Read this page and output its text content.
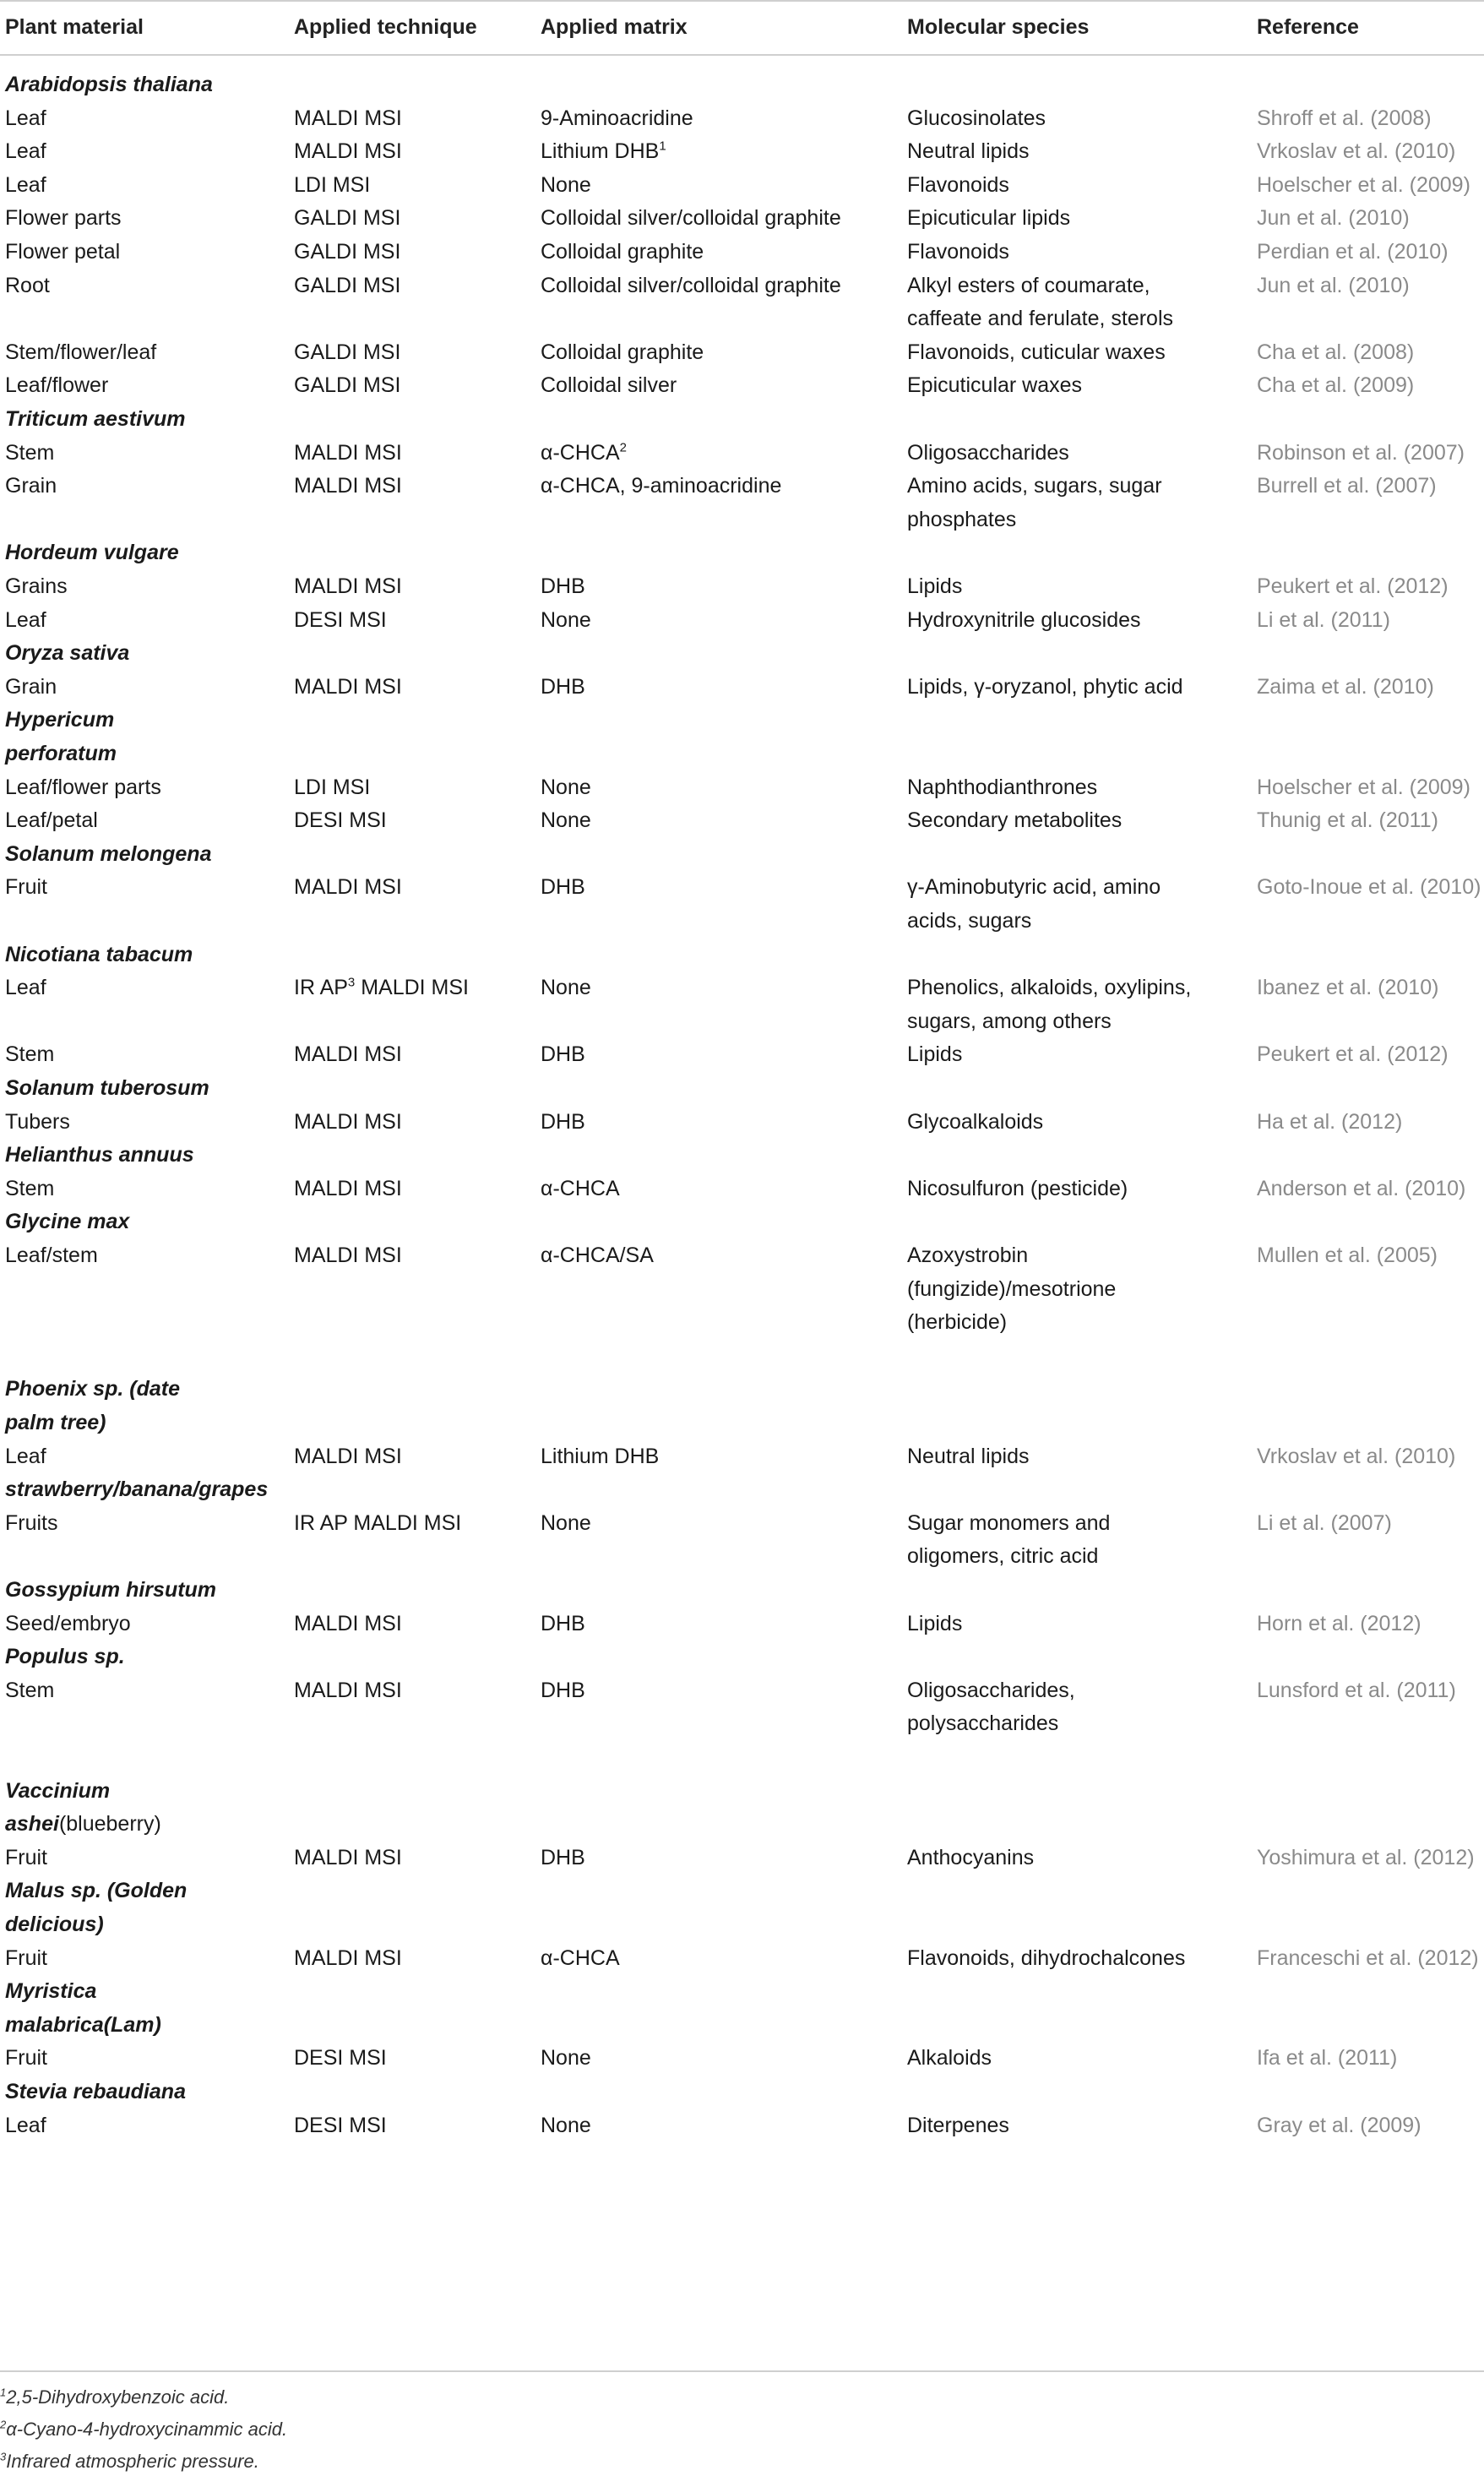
Plant material	Applied technique	Applied matrix	Molecular species	Reference
Arabidopsis thaliana
Leaf	MALDI MSI	9-Aminoacridine	Glucosinolates	Shroff et al. (2008)
Leaf	MALDI MSI	Lithium DHB$^1$	Neutral lipids	Vrkoslav et al. (2010)
Leaf	LDI MSI	None	Flavonoids	Hoelscher et al. (2009)
Flower parts	GALDI MSI	Colloidal silver/colloidal graphite	Epicuticular lipids	Jun et al. (2010)
Flower petal	GALDI MSI	Colloidal graphite	Flavonoids	Perdian et al. (2010)
Root	GALDI MSI	Colloidal silver/colloidal graphite	Alkyl esters of coumarate,	Jun et al. (2010)
caffeate and ferulate, sterols
Stem/flower/leaf	GALDI MSI	Colloidal graphite	Flavonoids, cuticular waxes	Cha et al. (2008)
Leaf/flower	GALDI MSI	Colloidal silver	Epicuticular waxes	Cha et al. (2009)
Triticum aestivum
Stem	MALDI MSI	α-CHCA$^2$	Oligosaccharides	Robinson et al. (2007)
Grain	MALDI MSI	α-CHCA, 9-aminoacridine	Amino acids, sugars, sugar	Burrell et al. (2007)
phosphates
Hordeum vulgare
Grains	MALDI MSI	DHB	Lipids	Peukert et al. (2012)
Leaf	DESI MSI	None	Hydroxynitrile glucosides	Li et al. (2011)
Oryza sativa
Grain	MALDI MSI	DHB	Lipids, γ-oryzanol, phytic acid	Zaima et al. (2010)
Hypericum
perforatum
Leaf/flower parts	LDI MSI	None	Naphthodianthrones	Hoelscher et al. (2009)
Leaf/petal	DESI MSI	None	Secondary metabolites	Thunig et al. (2011)
Solanum melongena
Fruit	MALDI MSI	DHB	γ-Aminobutyric acid, amino	Goto-Inoue et al. (2010)
acids, sugars
Nicotiana tabacum
Leaf	IR $AP^3$ MALDI MSI	None	Phenolics, alkaloids, oxylipins,	Ibanez et al. (2010)
sugars, among others
Stem	MALDI MSI	DHB	Lipids	Peukert et al. (2012)
Solanum tuberosum
Tubers	MALDI MSI	DHB	Glycoalkaloids	Ha et al. (2012)
Helianthus annuus
Stem	MALDI MSI	α-CHCA	Nicosulfuron (pesticide)	Anderson et al. (2010)
Glycine max
Leaf/stem	MALDI MSI	α-CHCA/SA	Azoxystrobin	Mullen et al. (2005)
(fungizide)/mesotrione
(herbicide)
Phoenix sp. (date
palm tree)
Leaf	MALDI MSI	Lithium DHB	Neutral lipids	Vrkoslav et al. (2010)
strawberry/banana/grapes
Fruits	IR AP MALDI MSI	None	Sugar monomers and	Li et al. (2007)
oligomers, citric acid
Gossypium hirsutum
Seed/embryo	MALDI MSI	DHB	Lipids	Horn et al. (2012)
Populus sp.
Stem	MALDI MSI	DHB	Oligosaccharides,	Lunsford et al. (2011)
polysaccharides
Vaccinium
ashei(blueberry)
Fruit	MALDI MSI	DHB	Anthocyanins	Yoshimura et al. (2012)
Malus sp. (Golden
delicious)
Fruit	MALDI MSI	α-CHCA	Flavonoids, dihydrochalcones	Franceschi et al. (2012)
Myristica
malabrica(Lam)
Fruit	DESI MSI	None	Alkaloids	Ifa et al. (2011)
Stevia rebaudiana
Leaf	DESI MSI	None	Diterpenes	Gray et al. (2009)
$^1$2,5-Dihydroxybenzoic acid.
$^2$α-Cyano-4-hydroxycinammic acid.
$^3$Infrared atmospheric pressure.
